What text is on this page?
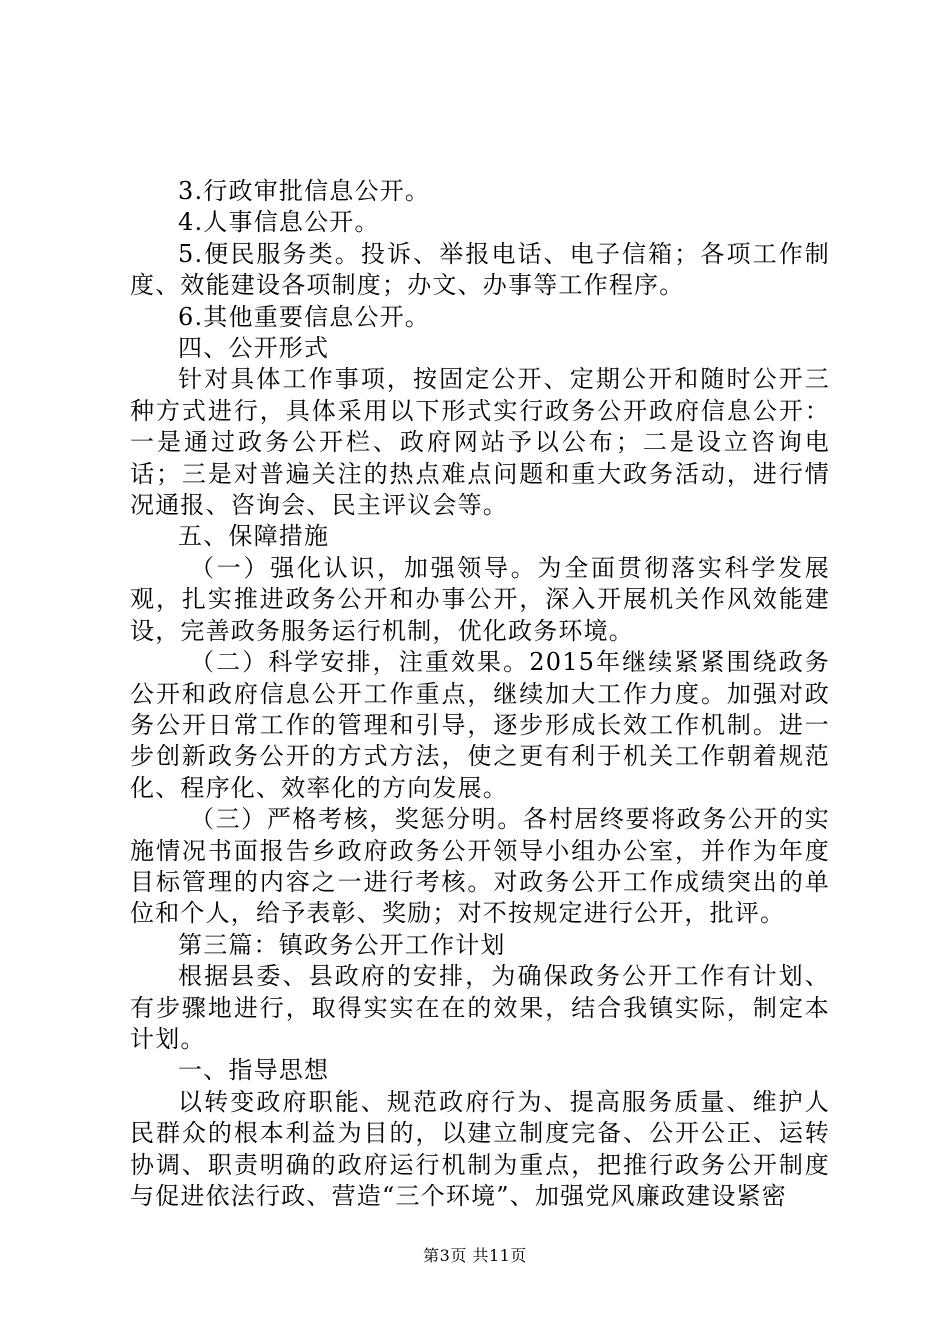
3.行政审批信息公开。

4.人事信息公开。

5.便民服务类。投诉、举报电话、电子信箱；各项工作制度、效能建设各项制度；办文、办事等工作程序。

6.其他重要信息公开。

四、公开形式

针对具体工作事项，按固定公开、定期公开和随时公开三种方式进行，具体采用以下形式实行政务公开政府信息公开：一是通过政务公开栏、政府网站予以公布；二是设立咨询电话；三是对普遍关注的热点难点问题和重大政务活动，进行情况通报、咨询会、民主评议会等。

五、保障措施

（一）强化认识，加强领导。为全面贯彻落实科学发展观，扎实推进政务公开和办事公开，深入开展机关作风效能建设，完善政务服务运行机制，优化政务环境。

（二）科学安排，注重效果。2015年继续紧紧围绕政务公开和政府信息公开工作重点，继续加大工作力度。加强对政务公开日常工作的管理和引导，逐步形成长效工作机制。进一步创新政务公开的方式方法，使之更有利于机关工作朝着规范化、程序化、效率化的方向发展。

（三）严格考核，奖惩分明。各村居终要将政务公开的实施情况书面报告乡政府政务公开领导小组办公室，并作为年度目标管理的内容之一进行考核。对政务公开工作成绩突出的单位和个人，给予表彰、奖励；对不按规定进行公开，批评。

第三篇：镇政务公开工作计划

根据县委、县政府的安排，为确保政务公开工作有计划、有步骤地进行，取得实实在在的效果，结合我镇实际，制定本计划。

一、指导思想

以转变政府职能、规范政府行为、提高服务质量、维护人民群众的根本利益为目的，以建立制度完备、公开公正、运转协调、职责明确的政府运行机制为重点，把推行政务公开制度与促进依法行政、营造“三个环境”、加强党风廉政建设紧密

第3页 共11页
